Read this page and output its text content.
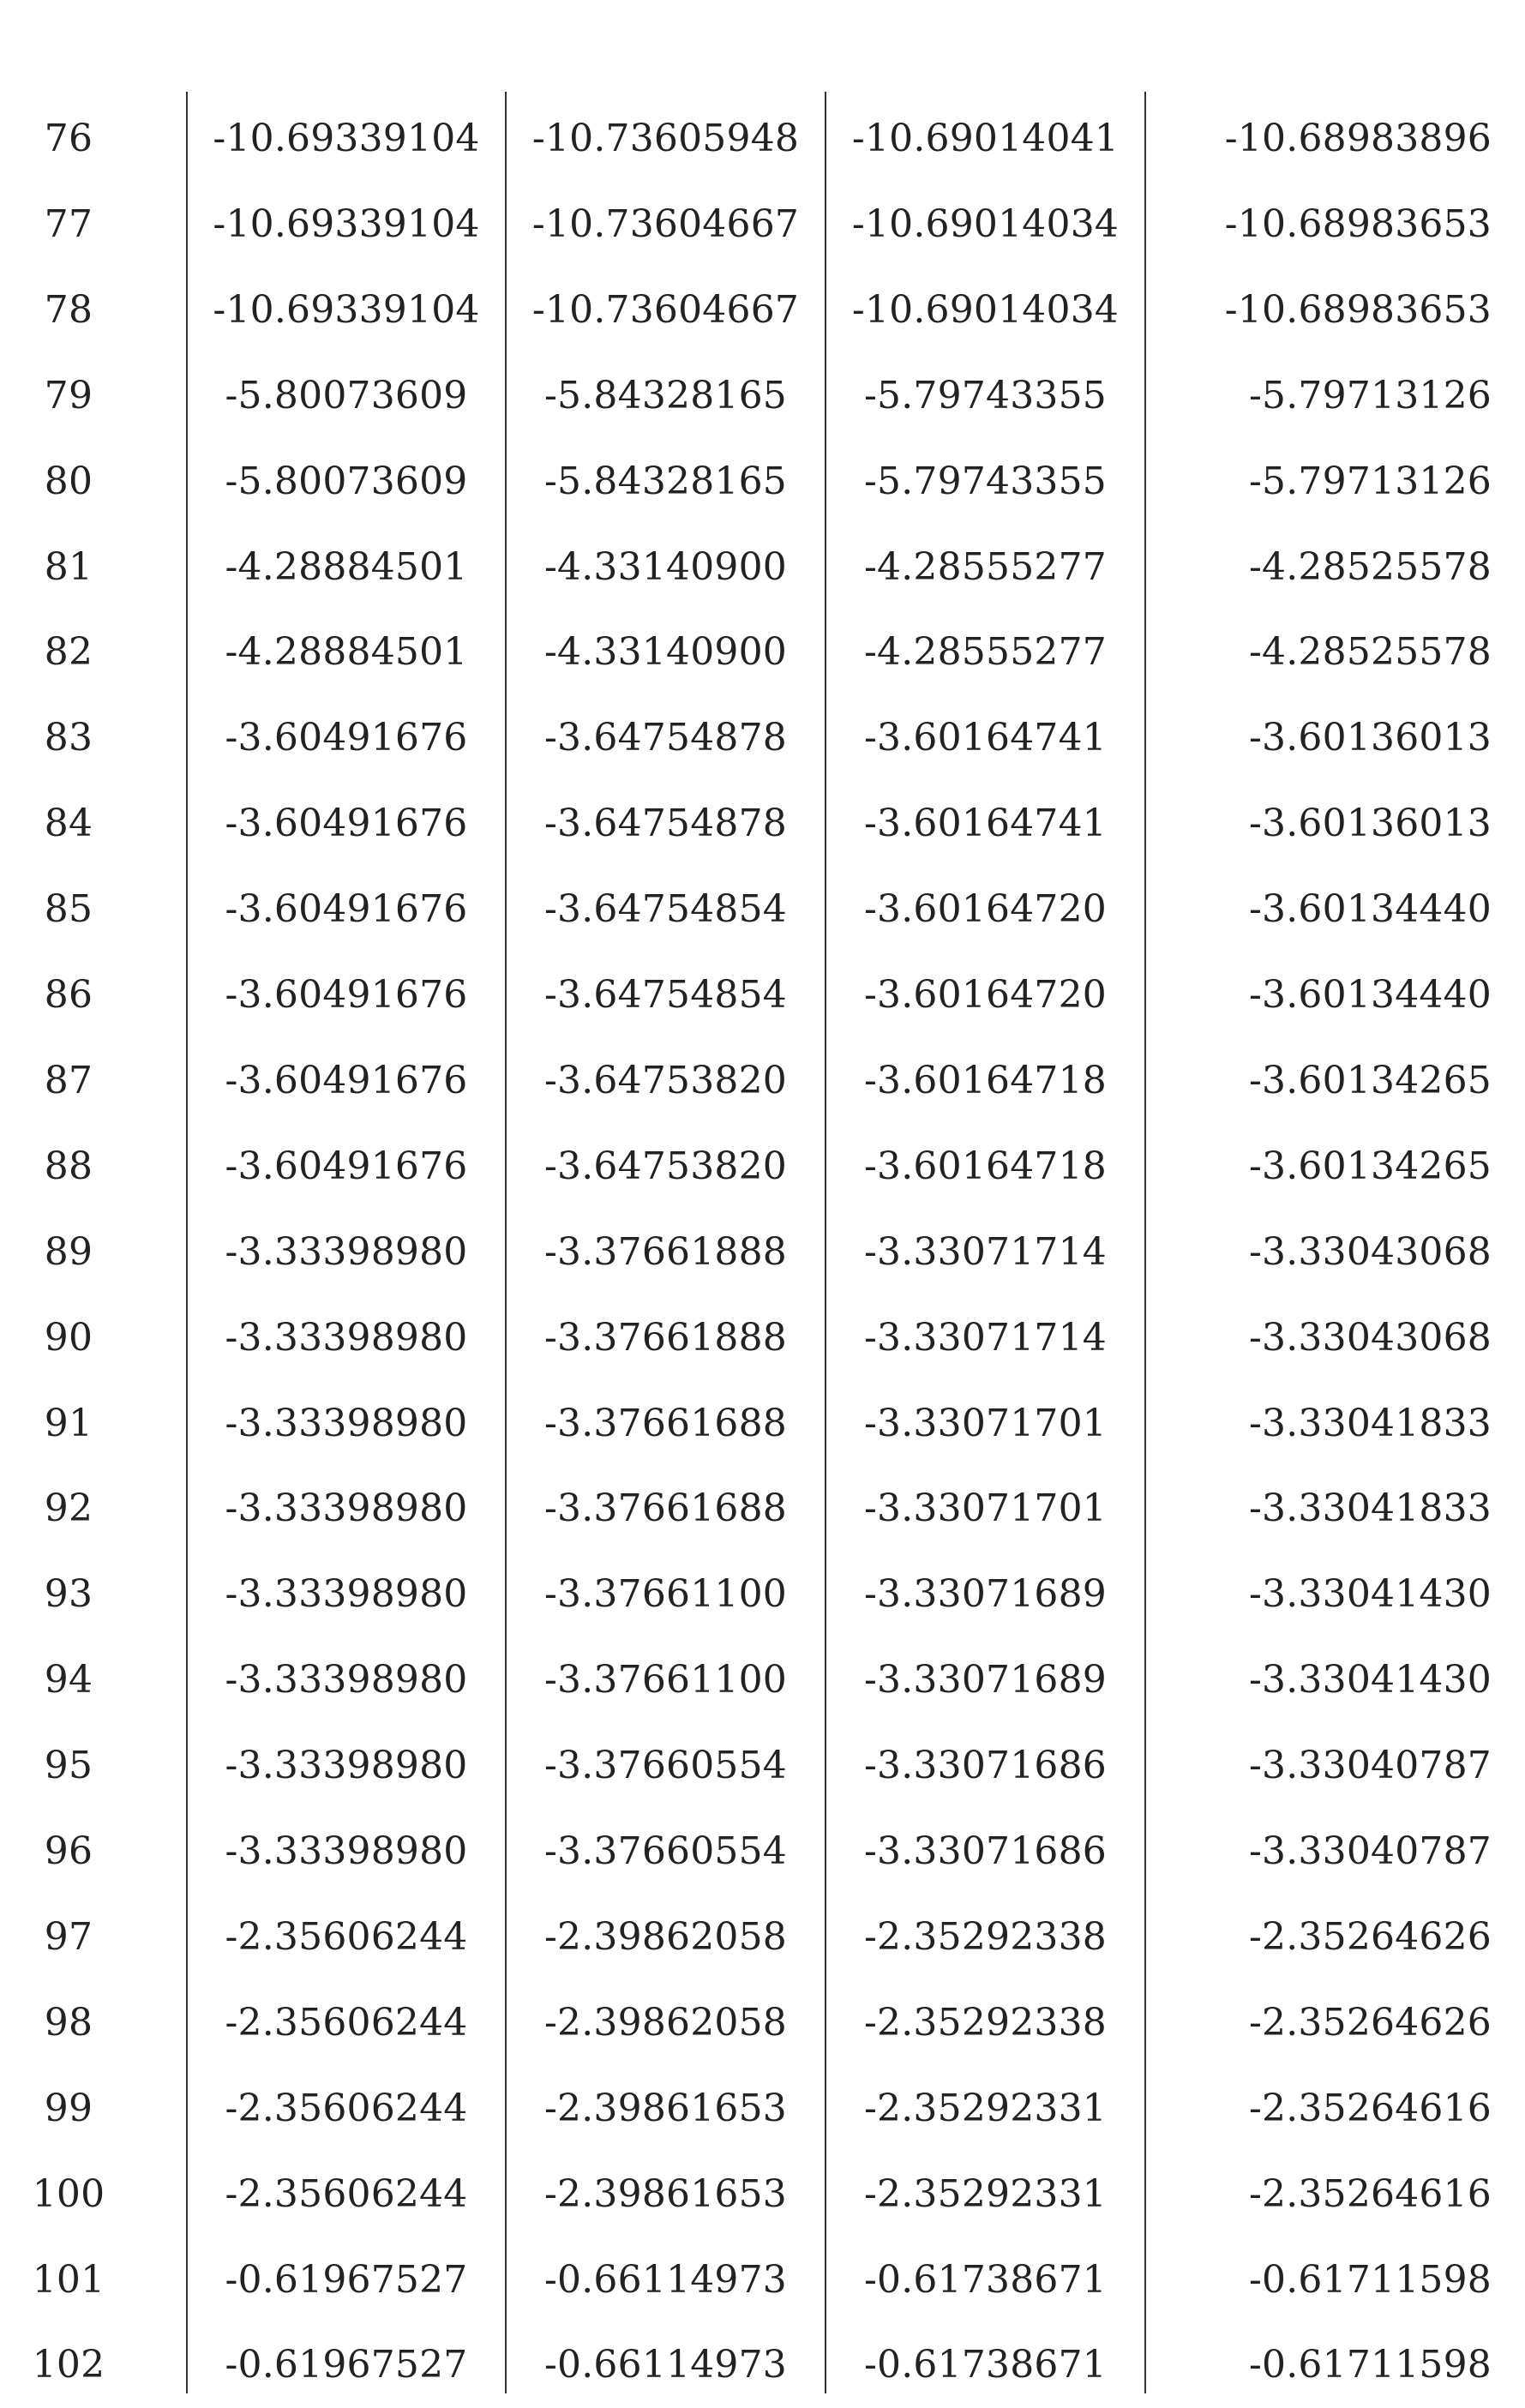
76	-10.69339104	-10.73605948	-10.69014041	-10.68983896
77	-10.69339104	-10.73604667	-10.69014034	-10.68983653
78	-10.69339104	-10.73604667	-10.69014034	-10.68983653
79	-5.80073609	-5.84328165	-5.79743355	-5.79713126
80	-5.80073609	-5.84328165	-5.79743355	-5.79713126
81	-4.28884501	-4.33140900	-4.28555277	-4.28525578
82	-4.28884501	-4.33140900	-4.28555277	-4.28525578
83	-3.60491676	-3.64754878	-3.60164741	-3.60136013
84	-3.60491676	-3.64754878	-3.60164741	-3.60136013
85	-3.60491676	-3.64754854	-3.60164720	-3.60134440
86	-3.60491676	-3.64754854	-3.60164720	-3.60134440
87	-3.60491676	-3.64753820	-3.60164718	-3.60134265
88	-3.60491676	-3.64753820	-3.60164718	-3.60134265
89	-3.33398980	-3.37661888	-3.33071714	-3.33043068
90	-3.33398980	-3.37661888	-3.33071714	-3.33043068
91	-3.33398980	-3.37661688	-3.33071701	-3.33041833
92	-3.33398980	-3.37661688	-3.33071701	-3.33041833
93	-3.33398980	-3.37661100	-3.33071689	-3.33041430
94	-3.33398980	-3.37661100	-3.33071689	-3.33041430
95	-3.33398980	-3.37660554	-3.33071686	-3.33040787
96	-3.33398980	-3.37660554	-3.33071686	-3.33040787
97	-2.35606244	-2.39862058	-2.35292338	-2.35264626
98	-2.35606244	-2.39862058	-2.35292338	-2.35264626
99	-2.35606244	-2.39861653	-2.35292331	-2.35264616
100	-2.35606244	-2.39861653	-2.35292331	-2.35264616
101	-0.61967527	-0.66114973	-0.61738671	-0.61711598
102	-0.61967527	-0.66114973	-0.61738671	-0.61711598
